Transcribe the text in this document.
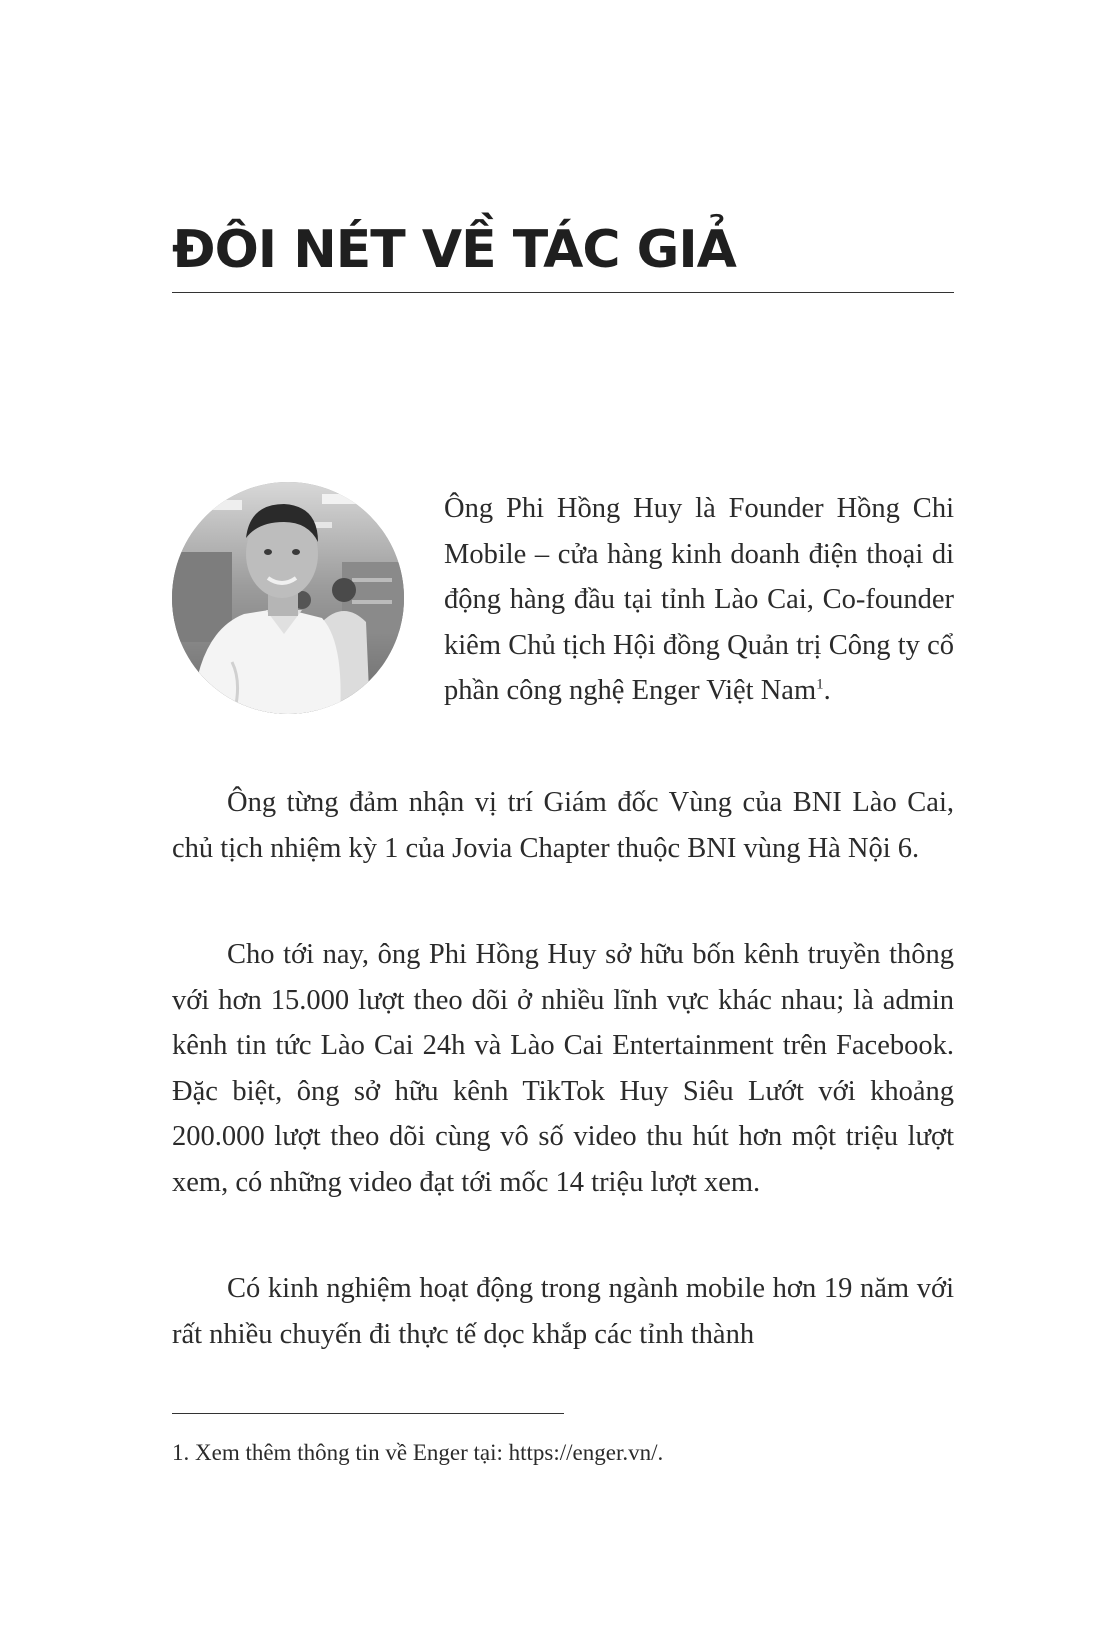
ĐÔI NÉT VỀ TÁC GIẢ

Ông Phi Hồng Huy là Founder Hồng Chi Mobile – cửa hàng kinh doanh điện thoại di động hàng đầu tại tỉnh Lào Cai, Co-founder kiêm Chủ tịch Hội đồng Quản trị Công ty cổ phần công nghệ Enger Việt Nam$^1$.

Ông từng đảm nhận vị trí Giám đốc Vùng của BNI Lào Cai, chủ tịch nhiệm kỳ 1 của Jovia Chapter thuộc BNI vùng Hà Nội 6.

Cho tới nay, ông Phi Hồng Huy sở hữu bốn kênh truyền thông với hơn 15.000 lượt theo dõi ở nhiều lĩnh vực khác nhau; là admin kênh tin tức Lào Cai 24h và Lào Cai Entertainment trên Facebook. Đặc biệt, ông sở hữu kênh TikTok Huy Siêu Lướt với khoảng 200.000 lượt theo dõi cùng vô số video thu hút hơn một triệu lượt xem, có những video đạt tới mốc 14 triệu lượt xem.

Có kinh nghiệm hoạt động trong ngành mobile hơn 19 năm với rất nhiều chuyến đi thực tế dọc khắp các tỉnh thành

1. Xem thêm thông tin về Enger tại: https://enger.vn/.
